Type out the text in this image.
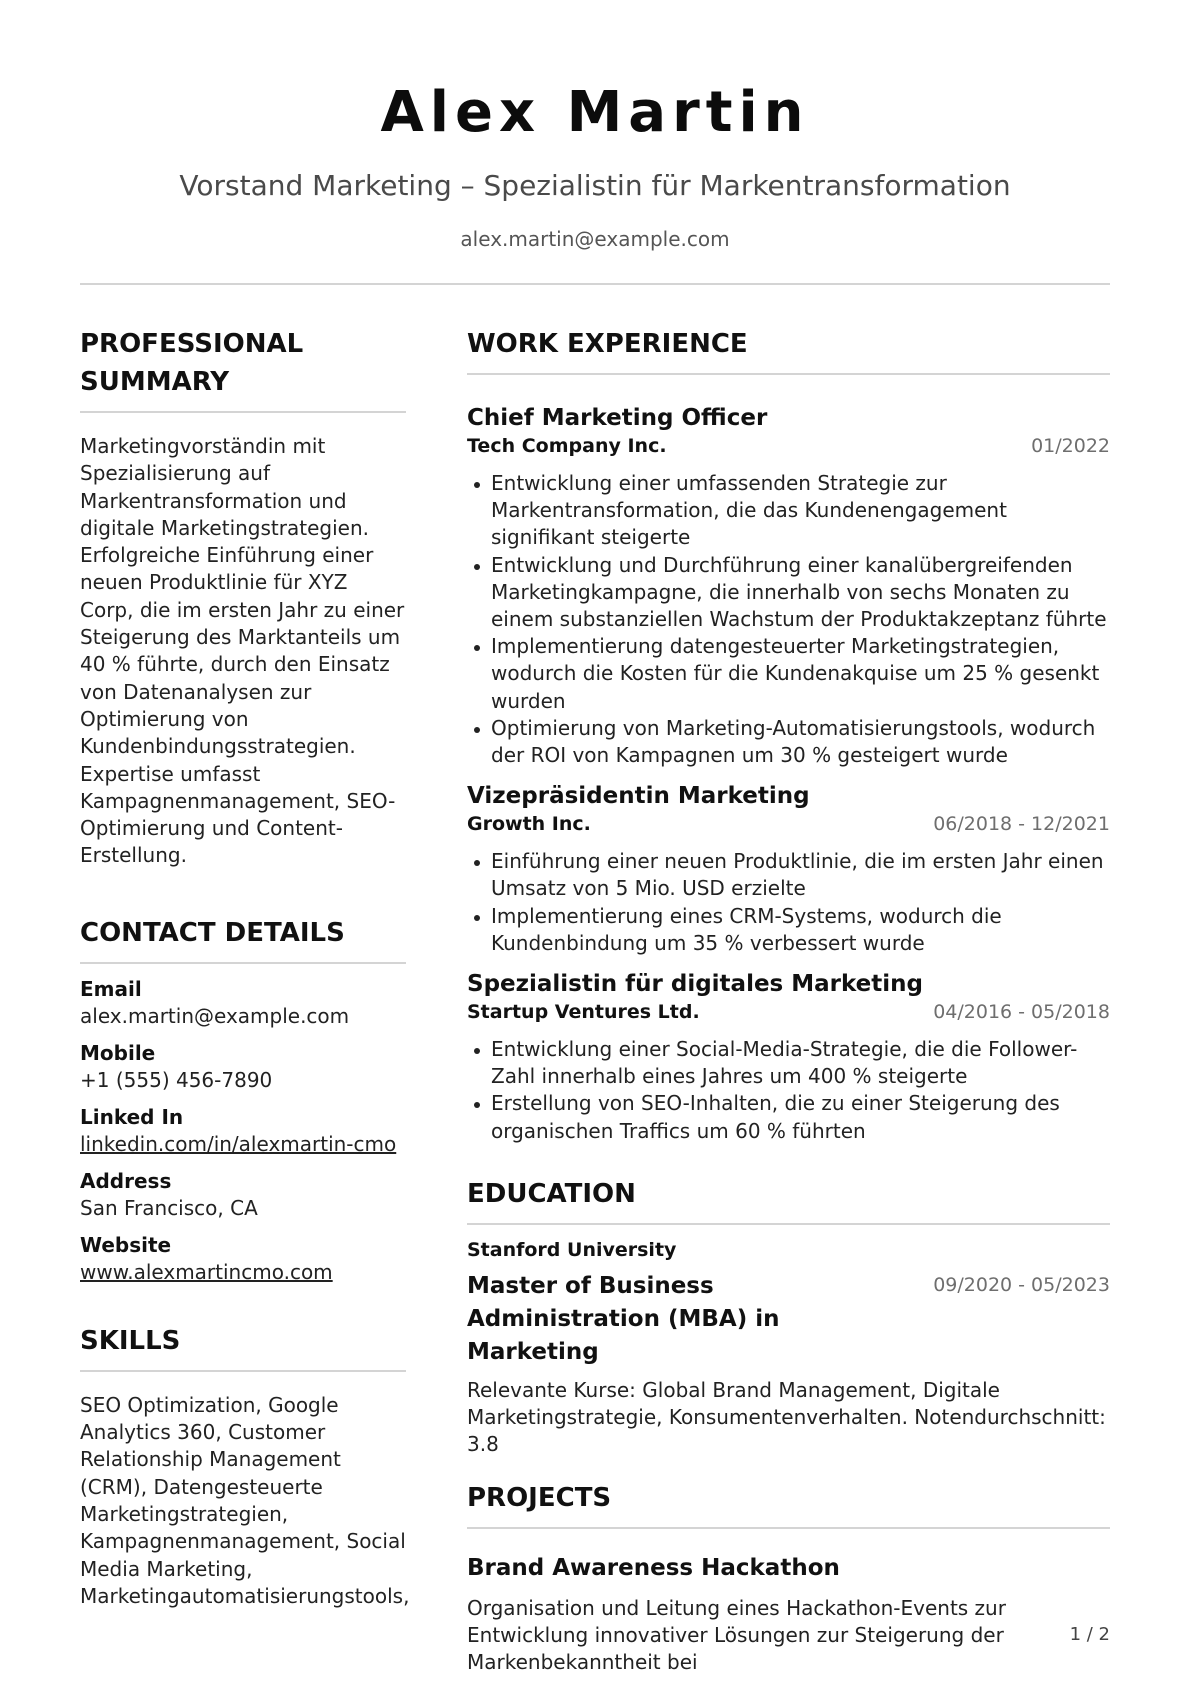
Alex Martin

Vorstand Marketing – Spezialistin für Markentransformation

alex.martin@example.com

PROFESSIONAL SUMMARY

Marketingvorständin mit Spezialisierung auf Markentransformation und digitale Marketingstrategien. Erfolgreiche Einführung einer neuen Produktlinie für XYZ Corp, die im ersten Jahr zu einer Steigerung des Marktanteils um 40 % führte, durch den Einsatz von Datenanalysen zur Optimierung von Kundenbindungsstrategien. Expertise umfasst Kampagnenmanagement, SEO-Optimierung und Content-Erstellung.

CONTACT DETAILS

Email

alex.martin@example.com

Mobile

+1 (555) 456-7890

Linked In

linkedin.com/in/alexmartin-cmo

Address

San Francisco, CA

Website

www.alexmartincmo.com

SKILLS

SEO Optimization, Google Analytics 360, Customer Relationship Management (CRM), Datengesteuerte Marketingstrategien, Kampagnenmanagement, Social Media Marketing, Marketingautomatisierungstools,

WORK EXPERIENCE

Chief Marketing Officer

Tech Company Inc.	01/2022
Entwicklung einer umfassenden Strategie zur Markentransformation, die das Kundenengagement signifikant steigerte
Entwicklung und Durchführung einer kanalübergreifenden Marketingkampagne, die innerhalb von sechs Monaten zu einem substanziellen Wachstum der Produktakzeptanz führte
Implementierung datengesteuerter Marketingstrategien, wodurch die Kosten für die Kundenakquise um 25 % gesenkt wurden
Optimierung von Marketing-Automatisierungstools, wodurch der ROI von Kampagnen um 30 % gesteigert wurde

Vizepräsidentin Marketing

Growth Inc.	06/2018 - 12/2021
Einführung einer neuen Produktlinie, die im ersten Jahr einen Umsatz von 5 Mio. USD erzielte
Implementierung eines CRM-Systems, wodurch die Kundenbindung um 35 % verbessert wurde

Spezialistin für digitales Marketing

Startup Ventures Ltd.	04/2016 - 05/2018
Entwicklung einer Social-Media-Strategie, die die Follower-Zahl innerhalb eines Jahres um 400 % steigerte
Erstellung von SEO-Inhalten, die zu einer Steigerung des organischen Traffics um 60 % führten
EDUCATION

Stanford University

Master of Business Administration (MBA) in Marketing

09/2020 - 05/2023

Relevante Kurse: Global Brand Management, Digitale Marketingstrategie, Konsumentenverhalten. Notendurchschnitt: 3.8

PROJECTS

Brand Awareness Hackathon

Organisation und Leitung eines Hackathon-Events zur Entwicklung innovativer Lösungen zur Steigerung der Markenbekanntheit bei

1 / 2
